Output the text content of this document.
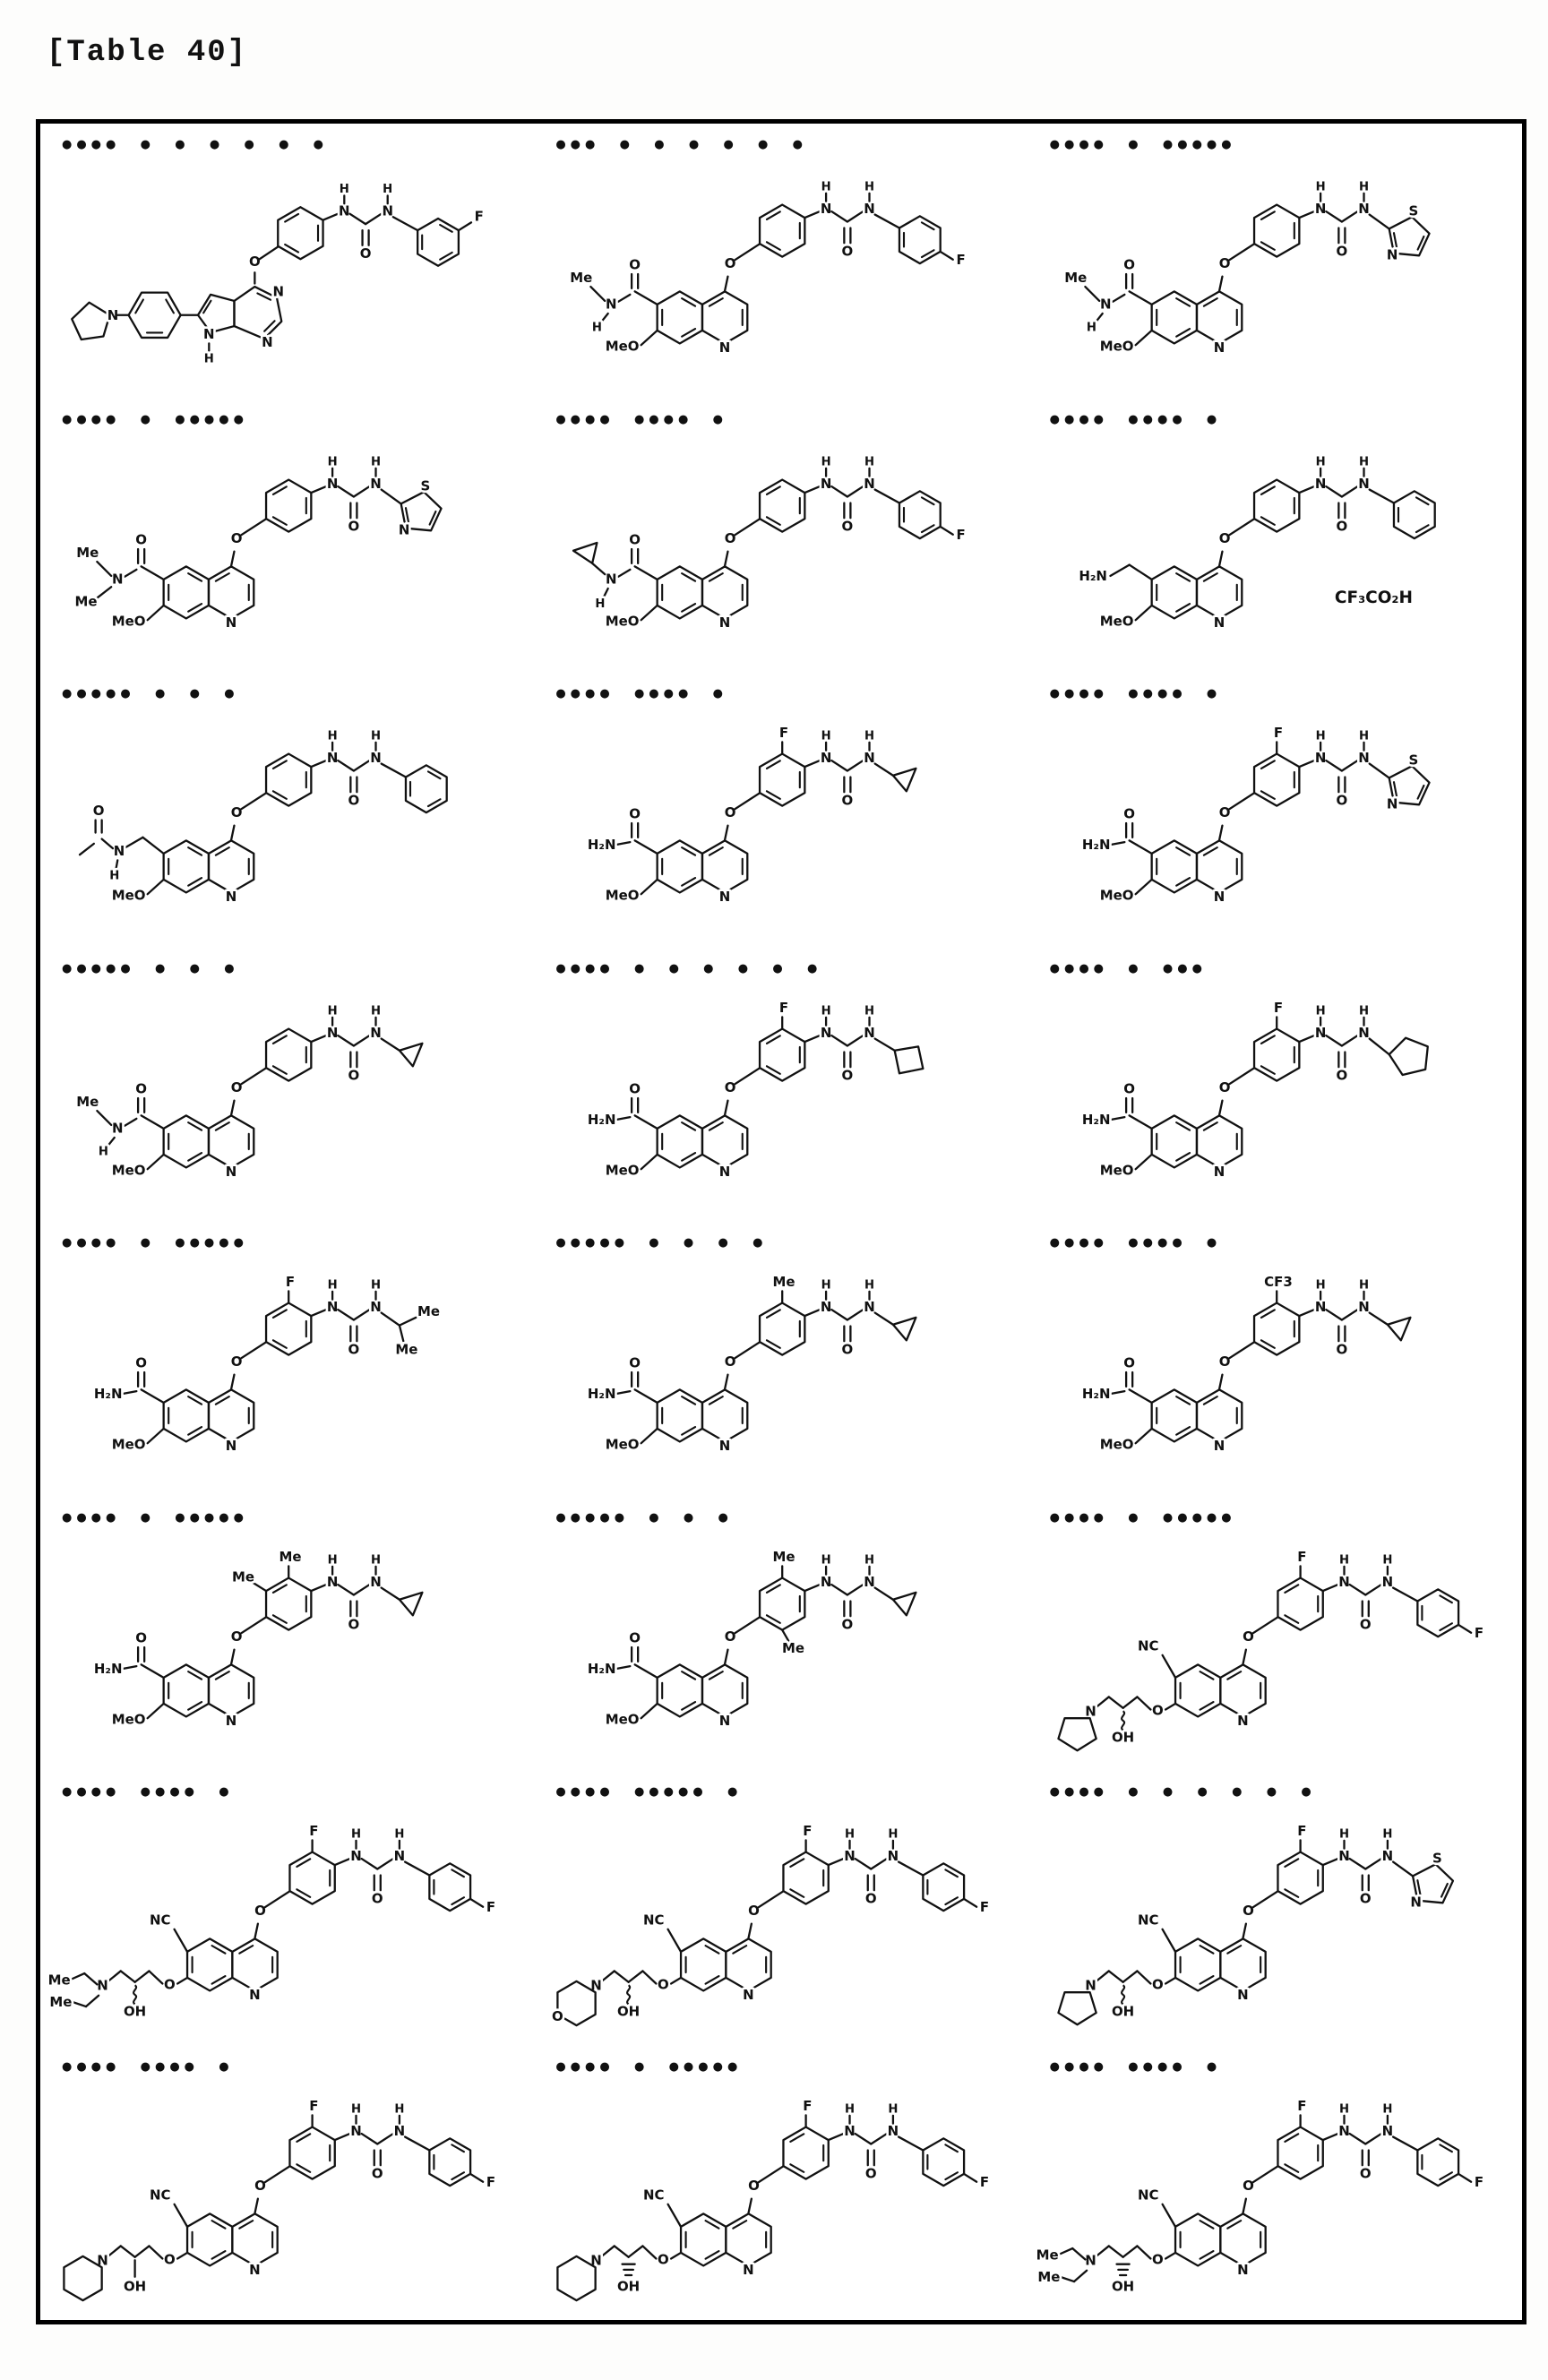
[Table 40]
●●●●  ●  ●  ●  ●  ●  ●
N
N
H
N
N
O
N
H
O
N
H
F
●●●  ●  ●  ●  ●  ●  ●
N
O
N
H
O
N
H
F
O
N
Me
H
MeO
●●●●  ●  ●●●●●
N
O
N
H
O
N
H
N
S
O
N
Me
H
MeO
●●●●  ●  ●●●●●
N
O
N
H
O
N
H
N
S
O
N
Me
Me
MeO
●●●●  ●●●●  ●
N
O
N
H
O
N
H
F
O
N
H
MeO
●●●●  ●●●●  ●
N
O
N
H
O
N
H
H₂N
MeO
CF₃CO₂H
●●●●●  ●  ●  ●
N
O
N
H
O
N
H
N
H
O
MeO
●●●●  ●●●●  ●
N
O
F
N
H
O
N
H
O
H₂N
MeO
●●●●  ●●●●  ●
N
O
F
N
H
O
N
H
N
S
O
H₂N
MeO
●●●●●  ●  ●  ●
N
O
N
H
O
N
H
O
N
Me
H
MeO
●●●●  ●  ●  ●  ●  ●  ●
N
O
F
N
H
O
N
H
O
H₂N
MeO
●●●●  ●  ●●●
N
O
F
N
H
O
N
H
O
H₂N
MeO
●●●●  ●  ●●●●●
N
O
F
N
H
O
N
H
Me
Me
O
H₂N
MeO
●●●●●  ●  ●  ●  ●
N
O
Me
N
H
O
N
H
O
H₂N
MeO
●●●●  ●●●●  ●
N
O
CF3
N
H
O
N
H
O
H₂N
MeO
●●●●  ●  ●●●●●
N
O
Me
Me	N
H
O
N
H
O
H₂N
MeO
●●●●●  ●  ●  ●
N
O
Me
Me
N
H
O
N
H
O
H₂N
MeO
●●●●  ●  ●●●●●
N
O
F
N
H
O
N
H
F
NC
O
OH
N
●●●●  ●●●●  ●
N
O
F
N
H
O
N
H
F
NC
O
OH
N
Me
Me
●●●●  ●●●●●  ●
N
O
F
N
H
O
N
H
F
NC
O
OH
N
O
●●●●  ●  ●  ●  ●  ●  ●
N
O
F
N
H
O
N
H
N
S
NC
O
OH
N
●●●●  ●●●●  ●
N
O
F
N
H
O
N
H
F
NC
O
OH
N
●●●●  ●  ●●●●●
N
O
F
N
H
O
N
H
F
NC
O
OH
N
●●●●  ●●●●  ●
N
O
F
N
H
O
N
H
F
NC
O
OH
N
Me
Me
